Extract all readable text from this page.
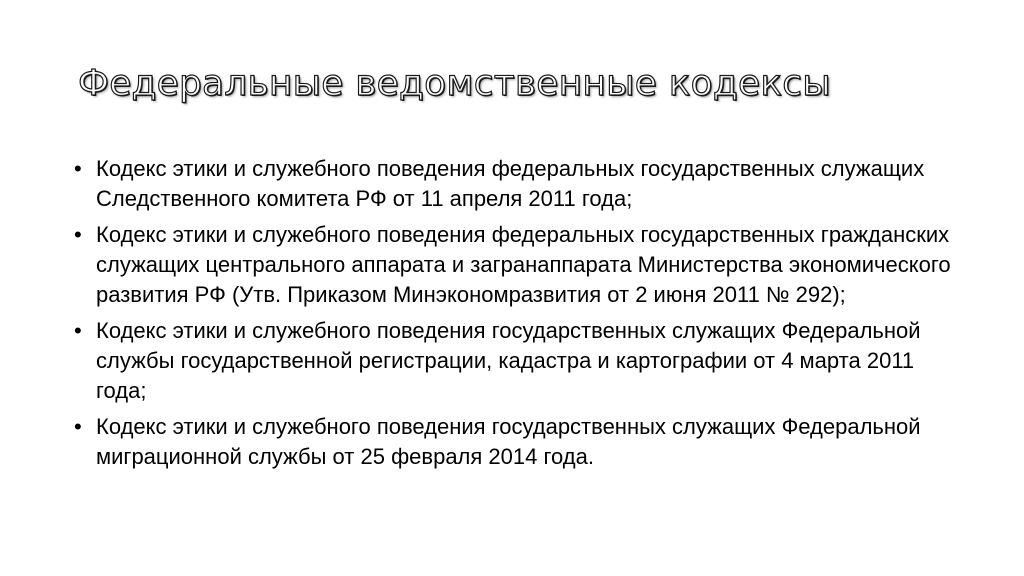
Федеральные ведомственные кодексы
• Кодекс этики и служебного поведения федеральных государственных служащих Следственного комитета РФ от 11 апреля 2011 года;
• Кодекс этики и служебного поведения федеральных государственных гражданских служащих центрального аппарата и загранаппарата Министерства экономического развития РФ (Утв. Приказом Минэкономразвития от 2 июня 2011 № 292);
• Кодекс этики и служебного поведения государственных служащих Федеральной службы государственной регистрации, кадастра и картографии от 4 марта 2011 года;
• Кодекс этики и служебного поведения государственных служащих Федеральной миграционной службы от 25 февраля 2014 года.
